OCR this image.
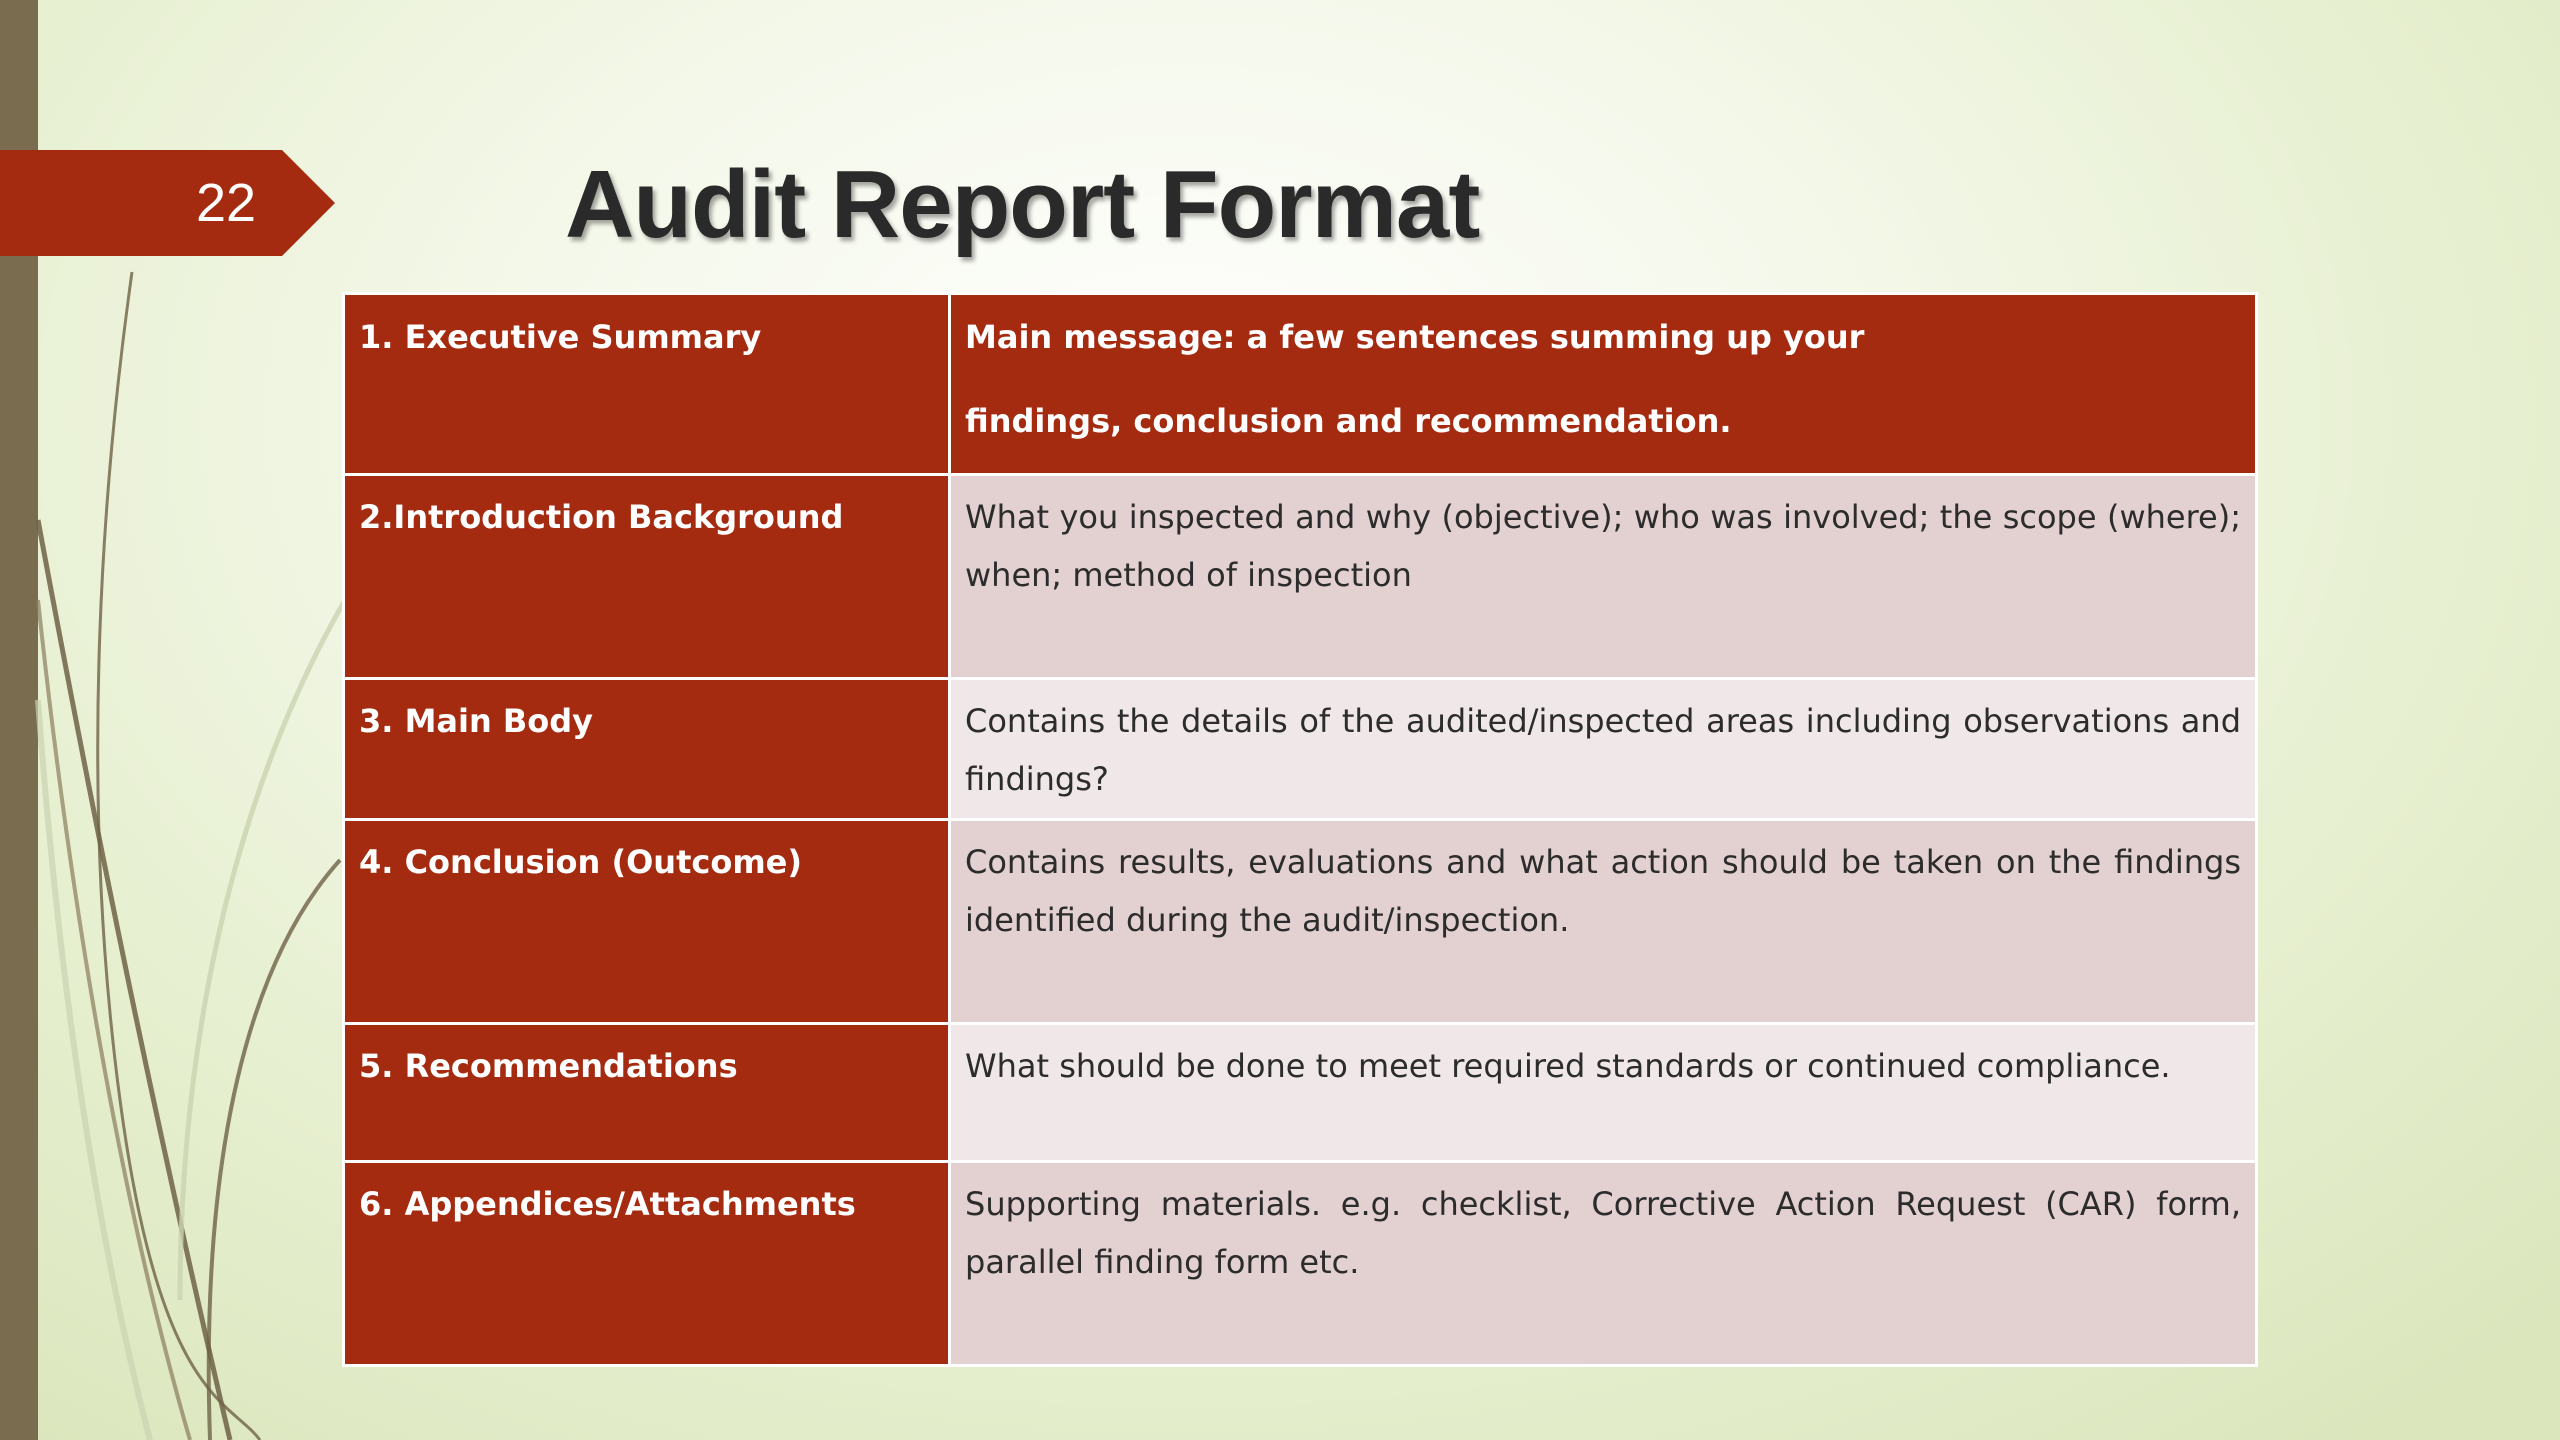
22	Audit Report Format
1. Executive Summary	Main message: a few sentences summing up your
findings, conclusion and recommendation.

2.Introduction Background	What you inspected and why (objective); who was involved; the scope (where); when; method of inspection
3. Main Body	Contains the details of the audited/inspected areas including observations and findings?
4. Conclusion (Outcome)	Contains results, evaluations and what action should be taken on the findings identified during the audit/inspection.
5. Recommendations	What should be done to meet required standards or continued compliance.
6. Appendices/Attachments	Supporting materials. e.g. checklist, Corrective Action Request (CAR) form, parallel finding form etc.
